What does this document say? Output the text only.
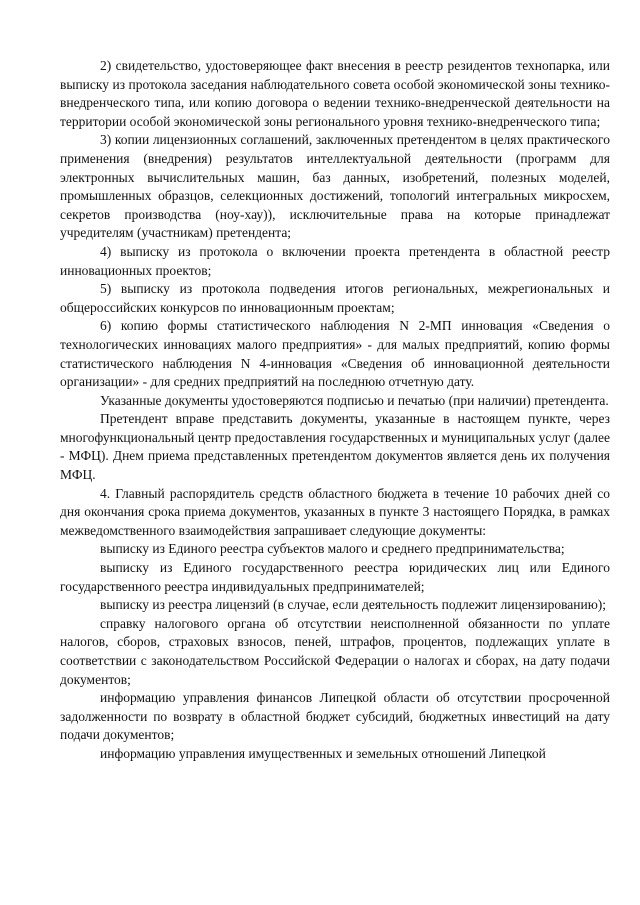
2) свидетельство, удостоверяющее факт внесения в реестр резидентов технопарка, или выписку из протокола заседания наблюдательного совета особой экономической зоны технико-внедренческого типа, или копию договора о ведении технико-внедренческой деятельности на территории особой экономической зоны регионального уровня технико-внедренческого типа;

3) копии лицензионных соглашений, заключенных претендентом в целях практического применения (внедрения) результатов интеллектуальной деятельности (программ для электронных вычислительных машин, баз данных, изобретений, полезных моделей, промышленных образцов, селекционных достижений, топологий интегральных микросхем, секретов производства (ноу-хау)), исключительные права на которые принадлежат учредителям (участникам) претендента;

4) выписку из протокола о включении проекта претендента в областной реестр инновационных проектов;

5) выписку из протокола подведения итогов региональных, межрегиональных и общероссийских конкурсов по инновационным проектам;

6) копию формы статистического наблюдения N 2-МП инновация «Сведения о технологических инновациях малого предприятия» - для малых предприятий, копию формы статистического наблюдения N 4-инновация «Сведения об инновационной деятельности организации» - для средних предприятий на последнюю отчетную дату.

Указанные документы удостоверяются подписью и печатью (при наличии) претендента.

Претендент вправе представить документы, указанные в настоящем пункте, через многофункциональный центр предоставления государственных и муниципальных услуг (далее - МФЦ). Днем приема представленных претендентом документов является день их получения МФЦ.

4. Главный распорядитель средств областного бюджета в течение 10 рабочих дней со дня окончания срока приема документов, указанных в пункте 3 настоящего Порядка, в рамках межведомственного взаимодействия запрашивает следующие документы:

выписку из Единого реестра субъектов малого и среднего предпринимательства;

выписку из Единого государственного реестра юридических лиц или Единого государственного реестра индивидуальных предпринимателей;

выписку из реестра лицензий (в случае, если деятельность подлежит лицензированию);

справку налогового органа об отсутствии неисполненной обязанности по уплате налогов, сборов, страховых взносов, пеней, штрафов, процентов, подлежащих уплате в соответствии с законодательством Российской Федерации о налогах и сборах, на дату подачи документов;

информацию управления финансов Липецкой области об отсутствии просроченной задолженности по возврату в областной бюджет субсидий, бюджетных инвестиций на дату подачи документов;

информацию управления имущественных и земельных отношений Липецкой
